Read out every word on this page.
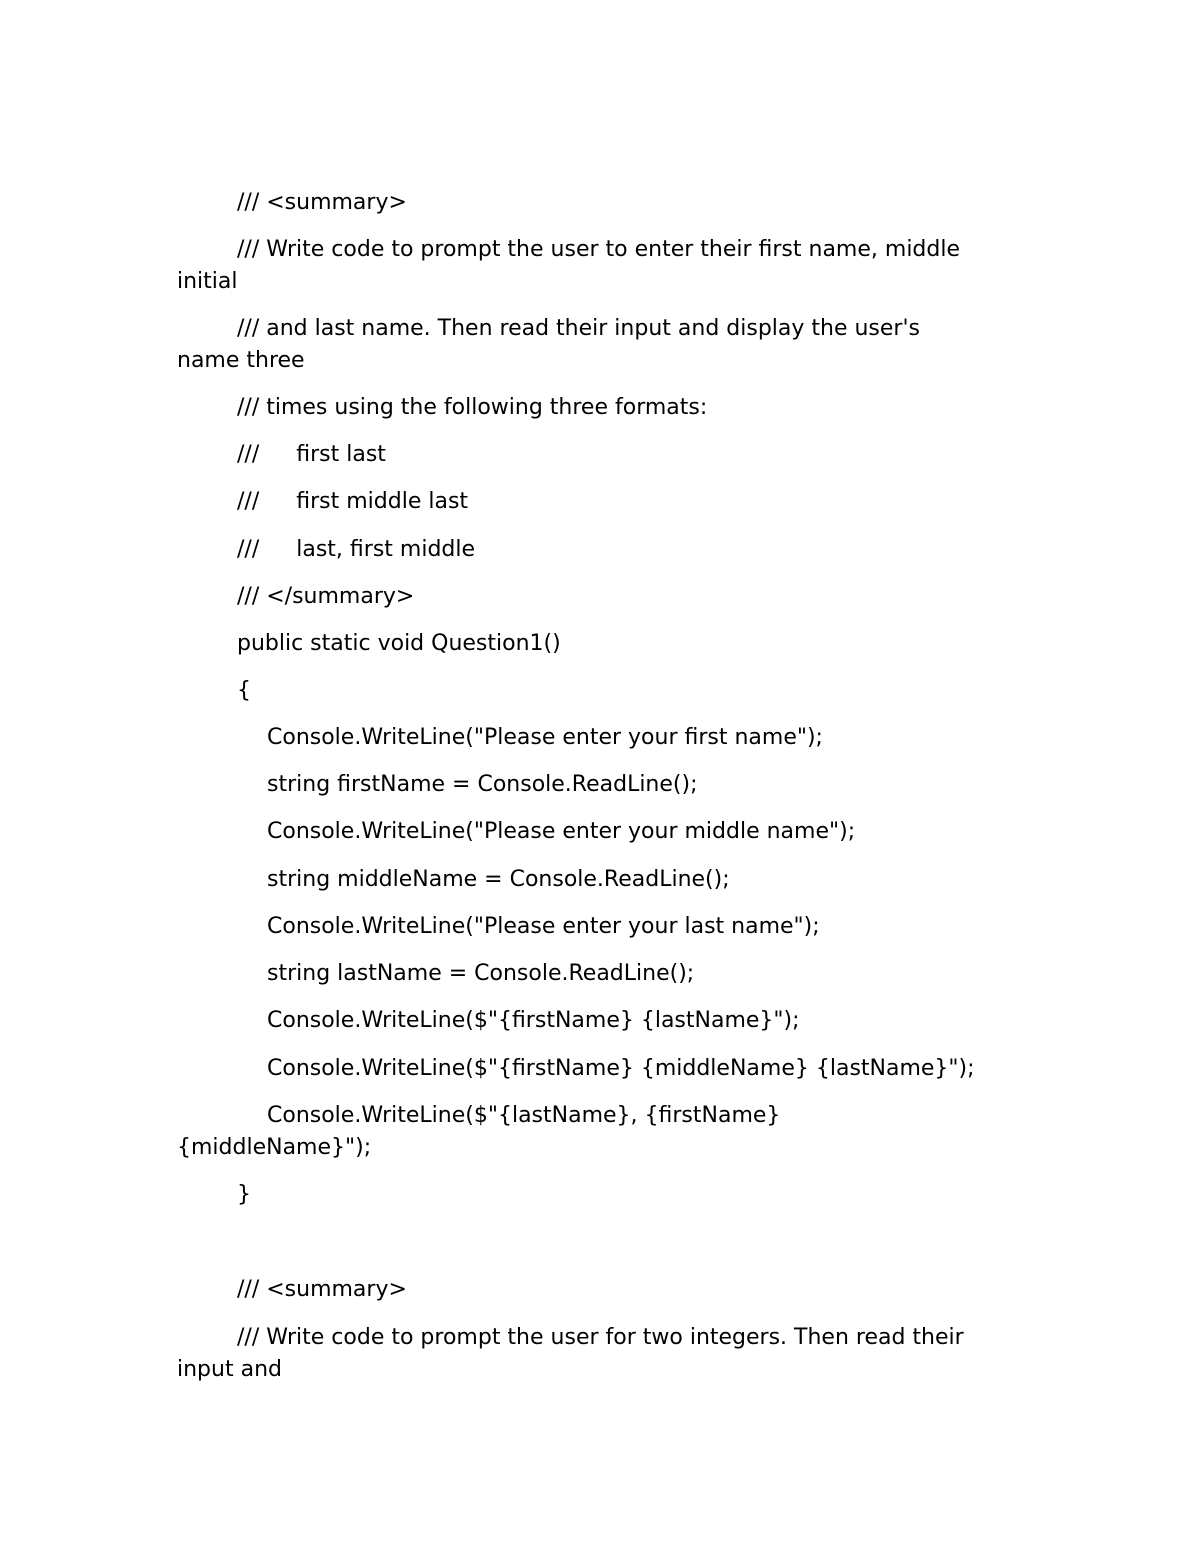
/// <summary>
/// Write code to prompt the user to enter their first name, middle
initial
/// and last name. Then read their input and display the user's
name three
/// times using the following three formats:
/// first last
/// first middle last
/// last, first middle
/// </summary>
public static void Question1()
{
Console.WriteLine("Please enter your first name");
string firstName = Console.ReadLine();
Console.WriteLine("Please enter your middle name");
string middleName = Console.ReadLine();
Console.WriteLine("Please enter your last name");
string lastName = Console.ReadLine();
Console.WriteLine($"{firstName} {lastName}");
Console.WriteLine($"{firstName} {middleName} {lastName}");
Console.WriteLine($"{lastName}, {firstName}
{middleName}");
}
/// <summary>
/// Write code to prompt the user for two integers. Then read their
input and
